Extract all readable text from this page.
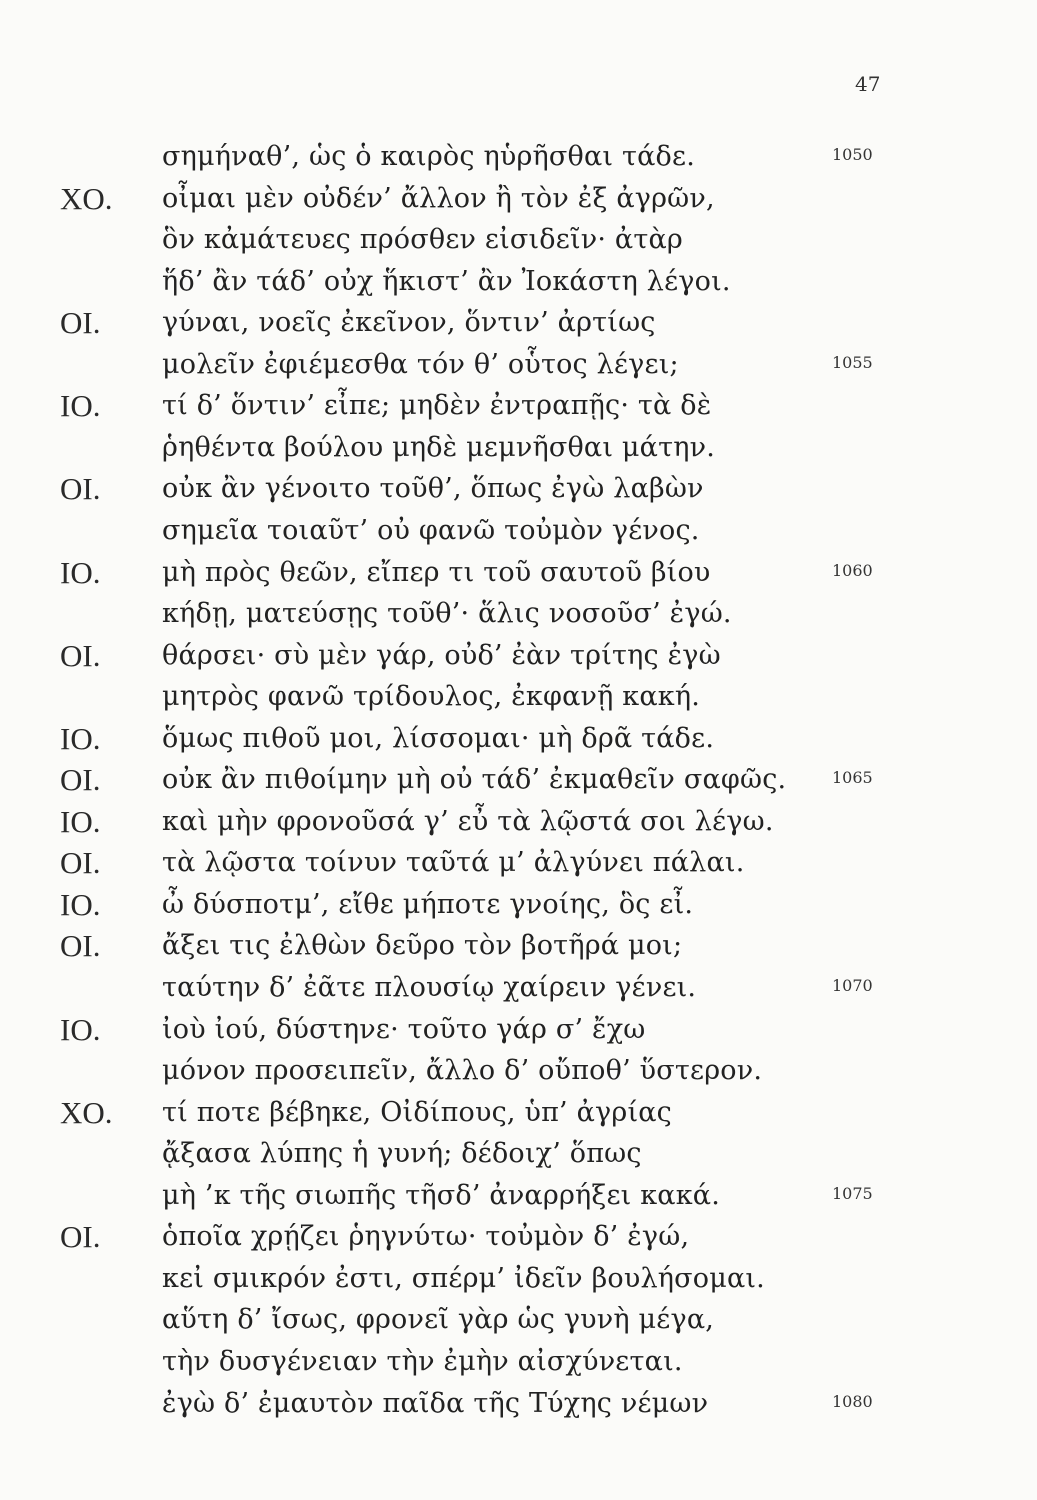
47
σημήναθ’, ὡς ὁ καιρὸς ηὑρῆσθαι τάδε.	1050
ΧΟ. οἶμαι μὲν οὐδέν’ ἄλλον ἢ τὸν ἐξ ἀγρῶν,
ὃν κἀμάτευες πρόσθεν εἰσιδεῖν· ἀτὰρ
ἥδ’ ἂν τάδ’ οὐχ ἥκιστ’ ἂν Ἰοκάστη λέγοι.
ΟΙ. γύναι, νοεῖς ἐκεῖνον, ὅντιν’ ἀρτίως
μολεῖν ἐφιέμεσθα τόν θ’ οὗτος λέγει;	1055
ΙΟ. τί δ’ ὅντιν’ εἶπε; μηδὲν ἐντραπῇς· τὰ δὲ
ῥηθέντα βούλου μηδὲ μεμνῆσθαι μάτην.
ΟΙ. οὐκ ἂν γένοιτο τοῦθ’, ὅπως ἐγὼ λαβὼν
σημεῖα τοιαῦτ’ οὐ φανῶ τοὐμὸν γένος.
ΙΟ. μὴ πρὸς θεῶν, εἴπερ τι τοῦ σαυτοῦ βίου	1060
κήδῃ, ματεύσῃς τοῦθ’· ἅλις νοσοῦσ’ ἐγώ.
ΟΙ. θάρσει· σὺ μὲν γάρ, οὐδ’ ἐὰν τρίτης ἐγὼ
μητρὸς φανῶ τρίδουλος, ἐκφανῇ κακή.
ΙΟ. ὅμως πιθοῦ μοι, λίσσομαι· μὴ δρᾶ τάδε.
ΟΙ. οὐκ ἂν πιθοίμην μὴ οὐ τάδ’ ἐκμαθεῖν σαφῶς.	1065
ΙΟ. καὶ μὴν φρονοῦσά γ’ εὖ τὰ λῷστά σοι λέγω.
ΟΙ. τὰ λῷστα τοίνυν ταῦτά μ’ ἀλγύνει πάλαι.
ΙΟ. ὦ δύσποτμ’, εἴθε μήποτε γνοίης, ὃς εἶ.
ΟΙ. ἄξει τις ἐλθὼν δεῦρο τὸν βοτῆρά μοι;
ταύτην δ’ ἐᾶτε πλουσίῳ χαίρειν γένει.	1070
ΙΟ. ἰοὺ ἰού, δύστηνε· τοῦτο γάρ σ’ ἔχω
μόνον προσειπεῖν, ἄλλο δ’ οὔποθ’ ὕστερον.
ΧΟ. τί ποτε βέβηκε, Οἰδίπους, ὑπ’ ἀγρίας
ᾄξασα λύπης ἡ γυνή; δέδοιχ’ ὅπως
μὴ ’κ τῆς σιωπῆς τῆσδ’ ἀναρρήξει κακά.	1075
ΟΙ. ὁποῖα χρῄζει ῥηγνύτω· τοὐμὸν δ’ ἐγώ,
κεἰ σμικρόν ἐστι, σπέρμ’ ἰδεῖν βουλήσομαι.
αὕτη δ’ ἴσως, φρονεῖ γὰρ ὡς γυνὴ μέγα,
τὴν δυσγένειαν τὴν ἐμὴν αἰσχύνεται.
ἐγὼ δ’ ἐμαυτὸν παῖδα τῆς Τύχης νέμων	1080
